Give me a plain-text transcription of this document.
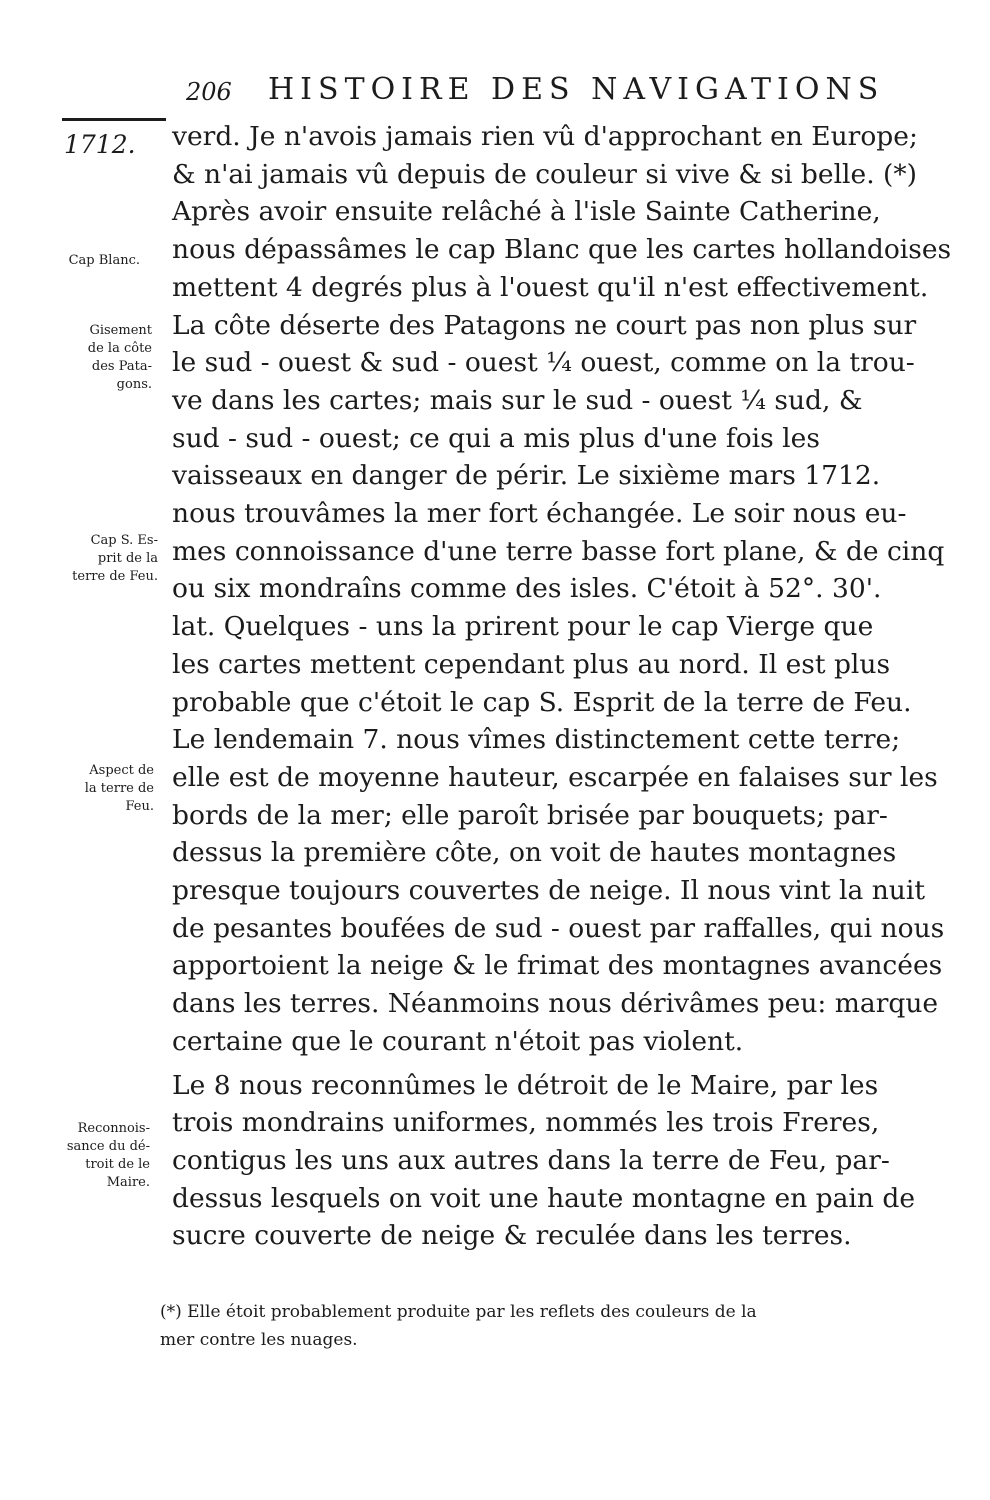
206 HISTOIRE DES NAVIGATIONS
1712.
Cap Blanc.
Gisement
de la côte
des Pata-
gons.
Cap S. Es-
prit de la
terre de Feu.
Aspect de
la terre de
Feu.
Reconnois-
sance du dé-
troit de le
Maire.
verd. Je n'avois jamais rien vû d'approchant en Europe;
& n'ai jamais vû depuis de couleur si vive & si belle. (*)
Après avoir ensuite relâché à l'isle Sainte Catherine,
nous dépassâmes le cap Blanc que les cartes hollandoises
mettent 4 degrés plus à l'ouest qu'il n'est effectivement.
La côte déserte des Patagons ne court pas non plus sur
le sud - ouest & sud - ouest ¼ ouest, comme on la trou-
ve dans les cartes; mais sur le sud - ouest ¼ sud, &
sud - sud - ouest; ce qui a mis plus d'une fois les
vaisseaux en danger de périr. Le sixième mars 1712.
nous trouvâmes la mer fort échangée. Le soir nous eu-
mes connoissance d'une terre basse fort plane, & de cinq
ou six mondraîns comme des isles. C'étoit à 52°. 30'.
lat. Quelques - uns la prirent pour le cap Vierge que
les cartes mettent cependant plus au nord. Il est plus
probable que c'étoit le cap S. Esprit de la terre de Feu.
Le lendemain 7. nous vîmes distinctement cette terre;
elle est de moyenne hauteur, escarpée en falaises sur les
bords de la mer; elle paroît brisée par bouquets; par-
dessus la première côte, on voit de hautes montagnes
presque toujours couvertes de neige. Il nous vint la nuit
de pesantes boufées de sud - ouest par raffalles, qui nous
apportoient la neige & le frimat des montagnes avancées
dans les terres. Néanmoins nous dérivâmes peu: marque
certaine que le courant n'étoit pas violent.
Le 8 nous reconnûmes le détroit de le Maire, par les
trois mondrains uniformes, nommés les trois Freres,
contigus les uns aux autres dans la terre de Feu, par-
dessus lesquels on voit une haute montagne en pain de
sucre couverte de neige & reculée dans les terres.
(*) Elle étoit probablement produite par les reflets des couleurs de la
mer contre les nuages.
